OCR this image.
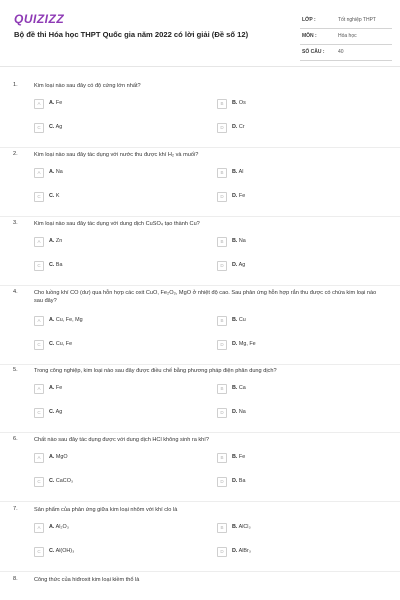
QUIZIZZ
Bộ đề thi Hóa học THPT Quốc gia năm 2022 có lời giải (Đề số 12)
LỚP :	Tốt nghiệp THPT
MÔN :	Hóa học
SỐ CÂU :	40
1.	Kim loại nào sau đây có độ cứng lớn nhất?
A	A. Fe	B	B. Os
C	C. Ag	D	D. Cr
2.	Kim loại nào sau đây tác dụng với nước thu được khí H₂ và muối?
A	A. Na	B	B. Al
C	C. K	D	D. Fe
3.	Kim loại nào sau đây tác dụng với dung dịch CuSO₄ tạo thành Cu?
A	A. Zn	B	B. Na
C	C. Ba	D	D. Ag
4.	Cho luồng khí CO (dư) qua hỗn hợp các oxit CuO, Fe₂O₃, MgO ở nhiệt độ cao. Sau phản ứng hỗn hợp rắn thu được có chứa kim loại nào sau đây?
A	A. Cu, Fe, Mg	B	B. Cu
C	C. Cu, Fe	D	D. Mg, Fe
5.	Trong công nghiệp, kim loại nào sau đây được điều chế bằng phương pháp điện phân dung dịch?
A	A. Fe	B	B. Ca
C	C. Ag	D	D. Na
6.	Chất nào sau đây tác dụng được với dung dịch HCl không sinh ra khí?
A	A. MgO	B	B. Fe
C	C. CaCO₃	D	D. Ba
7.	Sản phẩm của phản ứng giữa kim loại nhôm với khí clo là
A	A. Al₂O₃	B	B. AlCl₃
C	C. Al(OH)₃	D	D. AlBr₃
8.	Công thức của hiđroxit kim loại kiềm thổ là
